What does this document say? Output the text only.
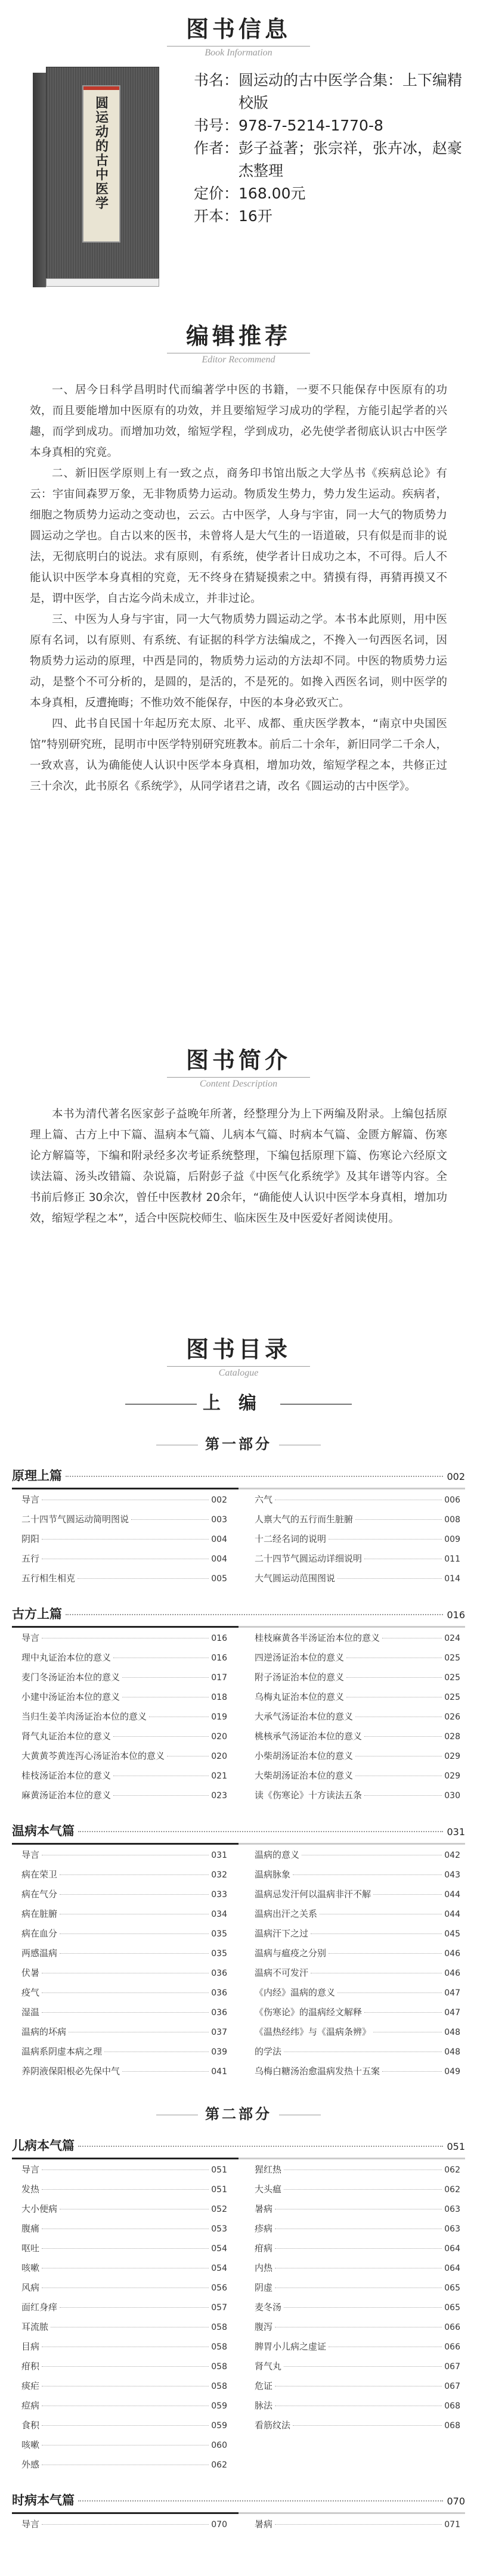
图书信息
Book Information
圆运动的古中医学
书名： 圆运动的古中医学合集：上下编精校版
书号： 978-7-5214-1770-8
作者： 彭子益著；张宗祥，张卉冰，赵豪杰整理
定价： 168.00元
开本： 16开
编辑推荐
Editor Recommend

一、居今日科学昌明时代而编著学中医的书籍，一要不只能保存中医原有的功效，而且要能增加中医原有的功效，并且要缩短学习成功的学程，方能引起学者的兴趣，而学到成功。而增加功效，缩短学程，学到成功，必先使学者彻底认识古中医学本身真相的究竟。

二、新旧医学原则上有一致之点，商务印书馆出版之大学丛书《疾病总论》有云：宇宙间森罗万象，无非物质势力运动。物质发生势力，势力发生运动。疾病者，细胞之物质势力运动之变动也，云云。古中医学，人身与宇宙，同一大气的物质势力圆运动之学也。自古以来的医书，未曾将人是大气生的一语道破，只有似是而非的说法，无彻底明白的说法。求有原则，有系统，使学者计日成功之本，不可得。后人不能认识中医学本身真相的究竟，无不终身在猜疑摸索之中。猜摸有得，再猜再摸又不是，谓中医学，自古迄今尚未成立，并非过论。

三、中医为人身与宇宙，同一大气物质势力圆运动之学。本书本此原则，用中医原有名词，以有原则、有系统、有证据的科学方法编成之，不搀入一句西医名词，因物质势力运动的原理，中西是同的，物质势力运动的方法却不同。中医的物质势力运动，是整个不可分析的，是圆的，是活的，不是死的。如搀入西医名词，则中医学的本身真相，反遭掩晦；不惟功效不能保存，中医的本身必致灭亡。

四、此书自民国十年起历充太原、北平、成都、重庆医学教本，“南京中央国医馆”特别研究班，昆明市中医学特别研究班教本。前后二十余年，新旧同学二千余人，一致欢喜，认为确能使人认识中医学本身真相，增加功效，缩短学程之本，共修正过三十余次，此书原名《系统学》，从同学诸君之请，改名《圆运动的古中医学》。

图书简介
Content Description

本书为清代著名医家彭子益晚年所著，经整理分为上下两编及附录。上编包括原理上篇、古方上中下篇、温病本气篇、儿病本气篇、时病本气篇、金匮方解篇、伤寒论方解篇等，下编和附录经多次考证系统整理，下编包括原理下篇、伤寒论六经原文读法篇、汤头改错篇、杂说篇，后附彭子益《中医气化系统学》及其年谱等内容。全书前后修正 30余次，曾任中医教材 20余年，“确能使人认识中医学本身真相，增加功效，缩短学程之本”，适合中医院校师生、临床医生及中医爱好者阅读使用。

图书目录
Catalogue
上编
第一部分
原理上篇	002
导言	002
二十四节气圆运动简明图说	003
阴阳	004
五行	004
五行相生相克	005
六气	006
人禀大气的五行而生脏腑	008
十二经名词的说明	009
二十四节气圆运动详细说明	011
大气圆运动范围图说	014
古方上篇	016
导言	016
理中丸证治本位的意义	016
麦门冬汤证治本位的意义	017
小建中汤证治本位的意义	018
当归生姜羊肉汤证治本位的意义	019
肾气丸证治本位的意义	020
大黄黄芩黄连泻心汤证治本位的意义	020
桂枝汤证治本位的意义	021
麻黄汤证治本位的意义	023
桂枝麻黄各半汤证治本位的意义	024
四逆汤证治本位的意义	025
附子汤证治本位的意义	025
乌梅丸证治本位的意义	025
大承气汤证治本位的意义	026
桃核承气汤证治本位的意义	028
小柴胡汤证治本位的意义	029
大柴胡汤证治本位的意义	029
读《伤寒论》十方读法五条	030
温病本气篇	031
导言	031
病在荣卫	032
病在气分	033
病在脏腑	034
病在血分	035
两感温病	035
伏暑	036
疫气	036
湿温	036
温病的坏病	037
温病系阴虚本病之理	039
养阴液保阳根必先保中气	041
温病的意义	042
温病脉象	043
温病忌发汗何以温病非汗不解	044
温病出汗之关系	044
温病汗下之过	045
温病与瘟疫之分别	046
温病不可发汗	046
《内经》温病的意义	047
《伤寒论》的温病经文解释	047
《温热经纬》与《温病条辨》	048
的学法	048
乌梅白糖汤治愈温病发热十五案	049
第二部分
儿病本气篇	051
导言	051
发热	051
大小便病	052
腹痛	053
呕吐	054
咳嗽	054
风病	056
面红身痒	057
耳流脓	058
目病	058
疳积	058
痰疟	058
痘病	059
食积	059
咳嗽	060
外感	062
猩红热	062
大头瘟	062
暑病	063
疹病	063
疳病	064
内热	064
阴虚	065
麦冬汤	065
腹泻	066
脾胃小儿病之虚证	066
肾气丸	067
危证	067
脉法	068
看筋纹法	068
时病本气篇	070
导言	070	暑病	071
